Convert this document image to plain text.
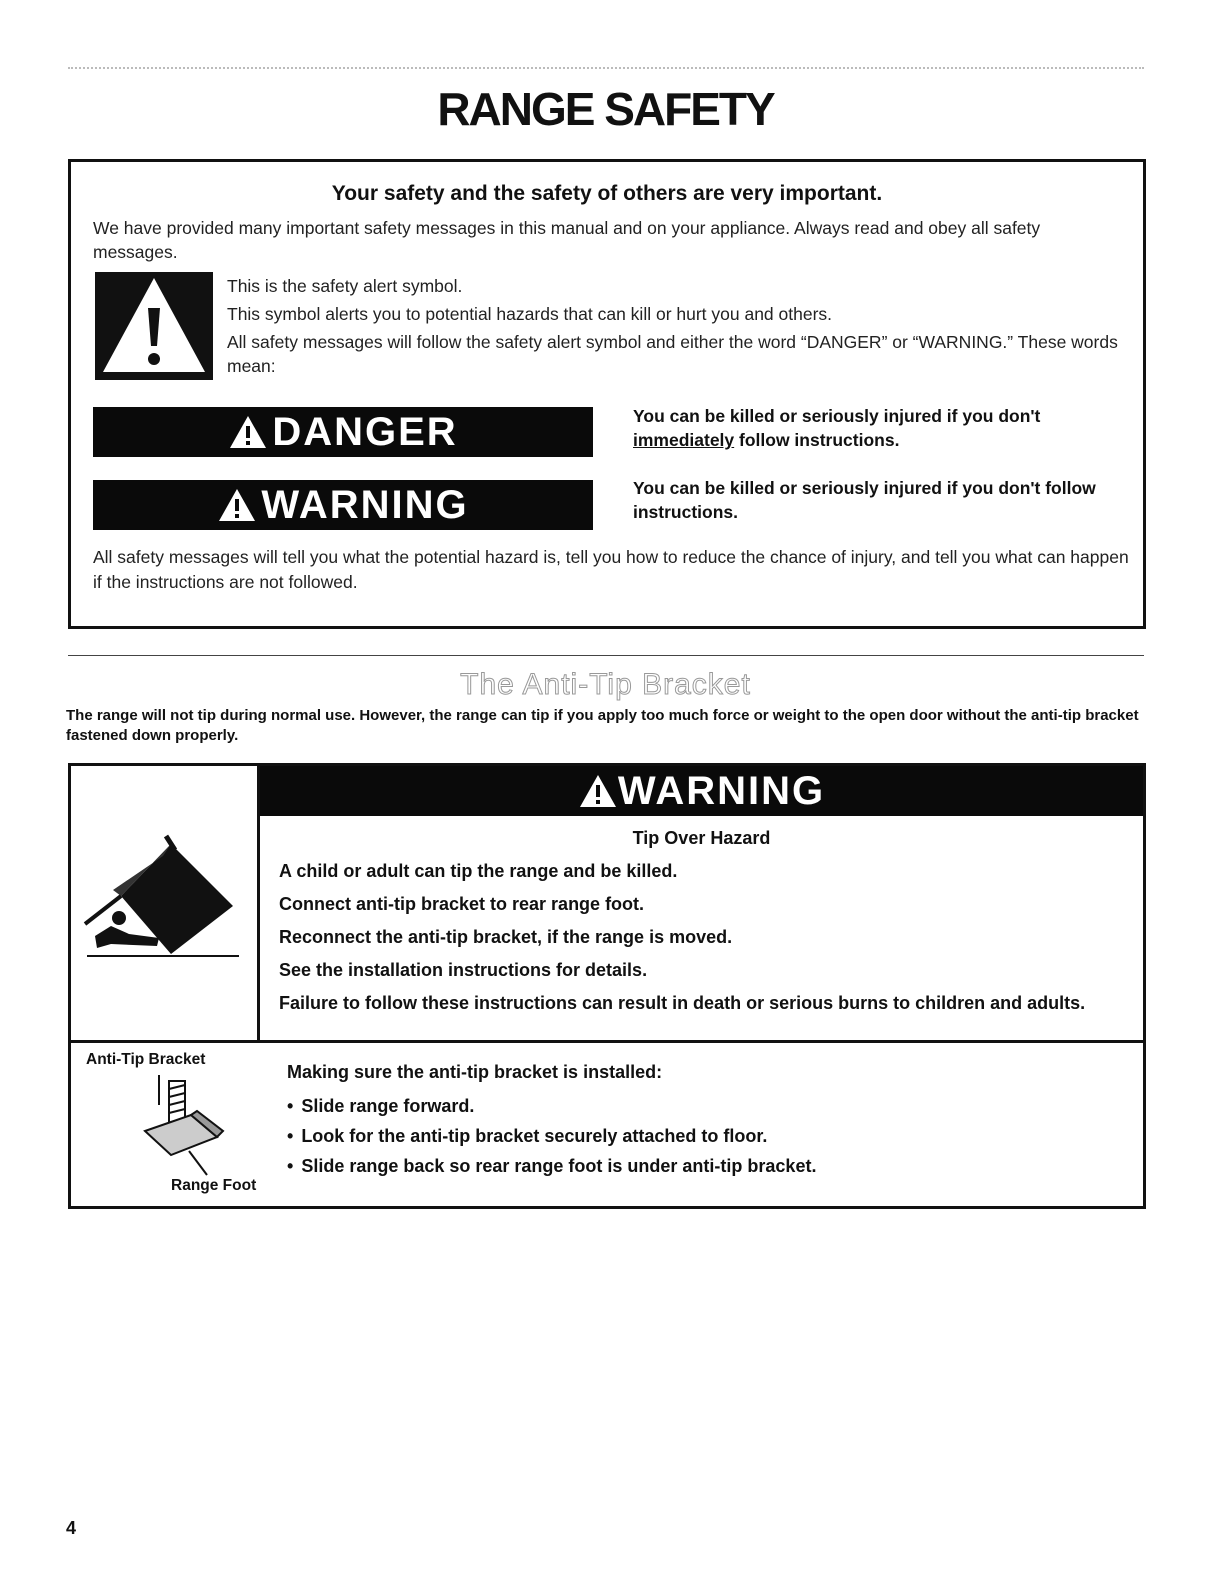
RANGE SAFETY
Your safety and the safety of others are very important.
We have provided many important safety messages in this manual and on your appliance. Always read and obey all safety messages.
This is the safety alert symbol.
This symbol alerts you to potential hazards that can kill or hurt you and others.
All safety messages will follow the safety alert symbol and either the word “DANGER” or “WARNING.” These words mean:
DANGER	You can be killed or seriously injured if you don't immediately follow instructions.
WARNING	You can be killed or seriously injured if you don't follow instructions.
All safety messages will tell you what the potential hazard is, tell you how to reduce the chance of injury, and tell you what can happen if the instructions are not followed.
The Anti-Tip Bracket
The range will not tip during normal use. However, the range can tip if you apply too much force or weight to the open door without the anti-tip bracket fastened down properly.
WARNING
Tip Over Hazard
A child or adult can tip the range and be killed.
Connect anti-tip bracket to rear range foot.
Reconnect the anti-tip bracket, if the range is moved.
See the installation instructions for details.
Failure to follow these instructions can result in death or serious burns to children and adults.
Anti-Tip Bracket
Range Foot
Making sure the anti-tip bracket is installed:
• Slide range forward.
• Look for the anti-tip bracket securely attached to floor.
• Slide range back so rear range foot is under anti-tip bracket.
4
